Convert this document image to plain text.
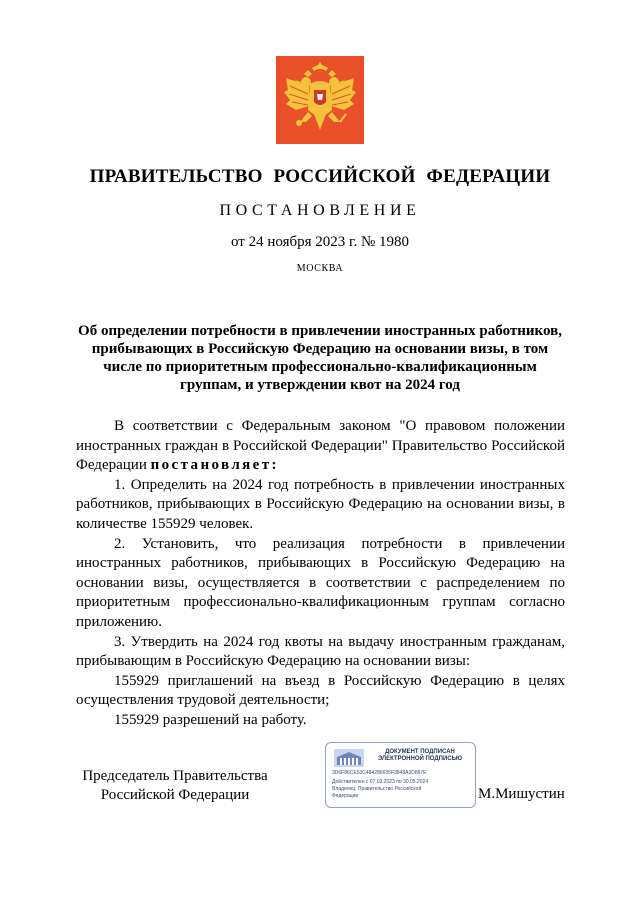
ПРАВИТЕЛЬСТВО РОССИЙСКОЙ ФЕДЕРАЦИИ
ПОСТАНОВЛЕНИЕ
от 24 ноября 2023 г. № 1980
МОСКВА
Об определении потребности в привлечении иностранных работников,
прибывающих в Российскую Федерацию на основании визы, в том
числе по приоритетным профессионально-квалификационным
группам, и утверждении квот на 2024 год

В соответствии с Федеральным законом "О правовом положении иностранных граждан в Российской Федерации" Правительство Российской Федерации постановляет:

1. Определить на 2024 год потребность в привлечении иностранных работников, прибывающих в Российскую Федерацию на основании визы, в количестве 155929 человек.

2. Установить, что реализация потребности в привлечении иностранных работников, прибывающих в Российскую Федерацию на основании визы, осуществляется в соответствии с распределением по приоритетным профессионально-квалификационным группам согласно приложению.

3. Утвердить на 2024 год квоты на выдачу иностранным гражданам, прибывающим в Российскую Федерацию на основании визы:

155929 приглашений на въезд в Российскую Федерацию в целях осуществления трудовой деятельности;

155929 разрешений на работу.

Председатель Правительства
Российской Федерации
ДОКУМЕНТ ПОДПИСАН
ЭЛЕКТРОННОЙ ПОДПИСЬЮ
3D6F86CE53C484286635F3848A3D867E
Действителен с 07.03.2023 по 30.05.2024
Владелец: Правительство Российской
Федерации	М.Мишустин
